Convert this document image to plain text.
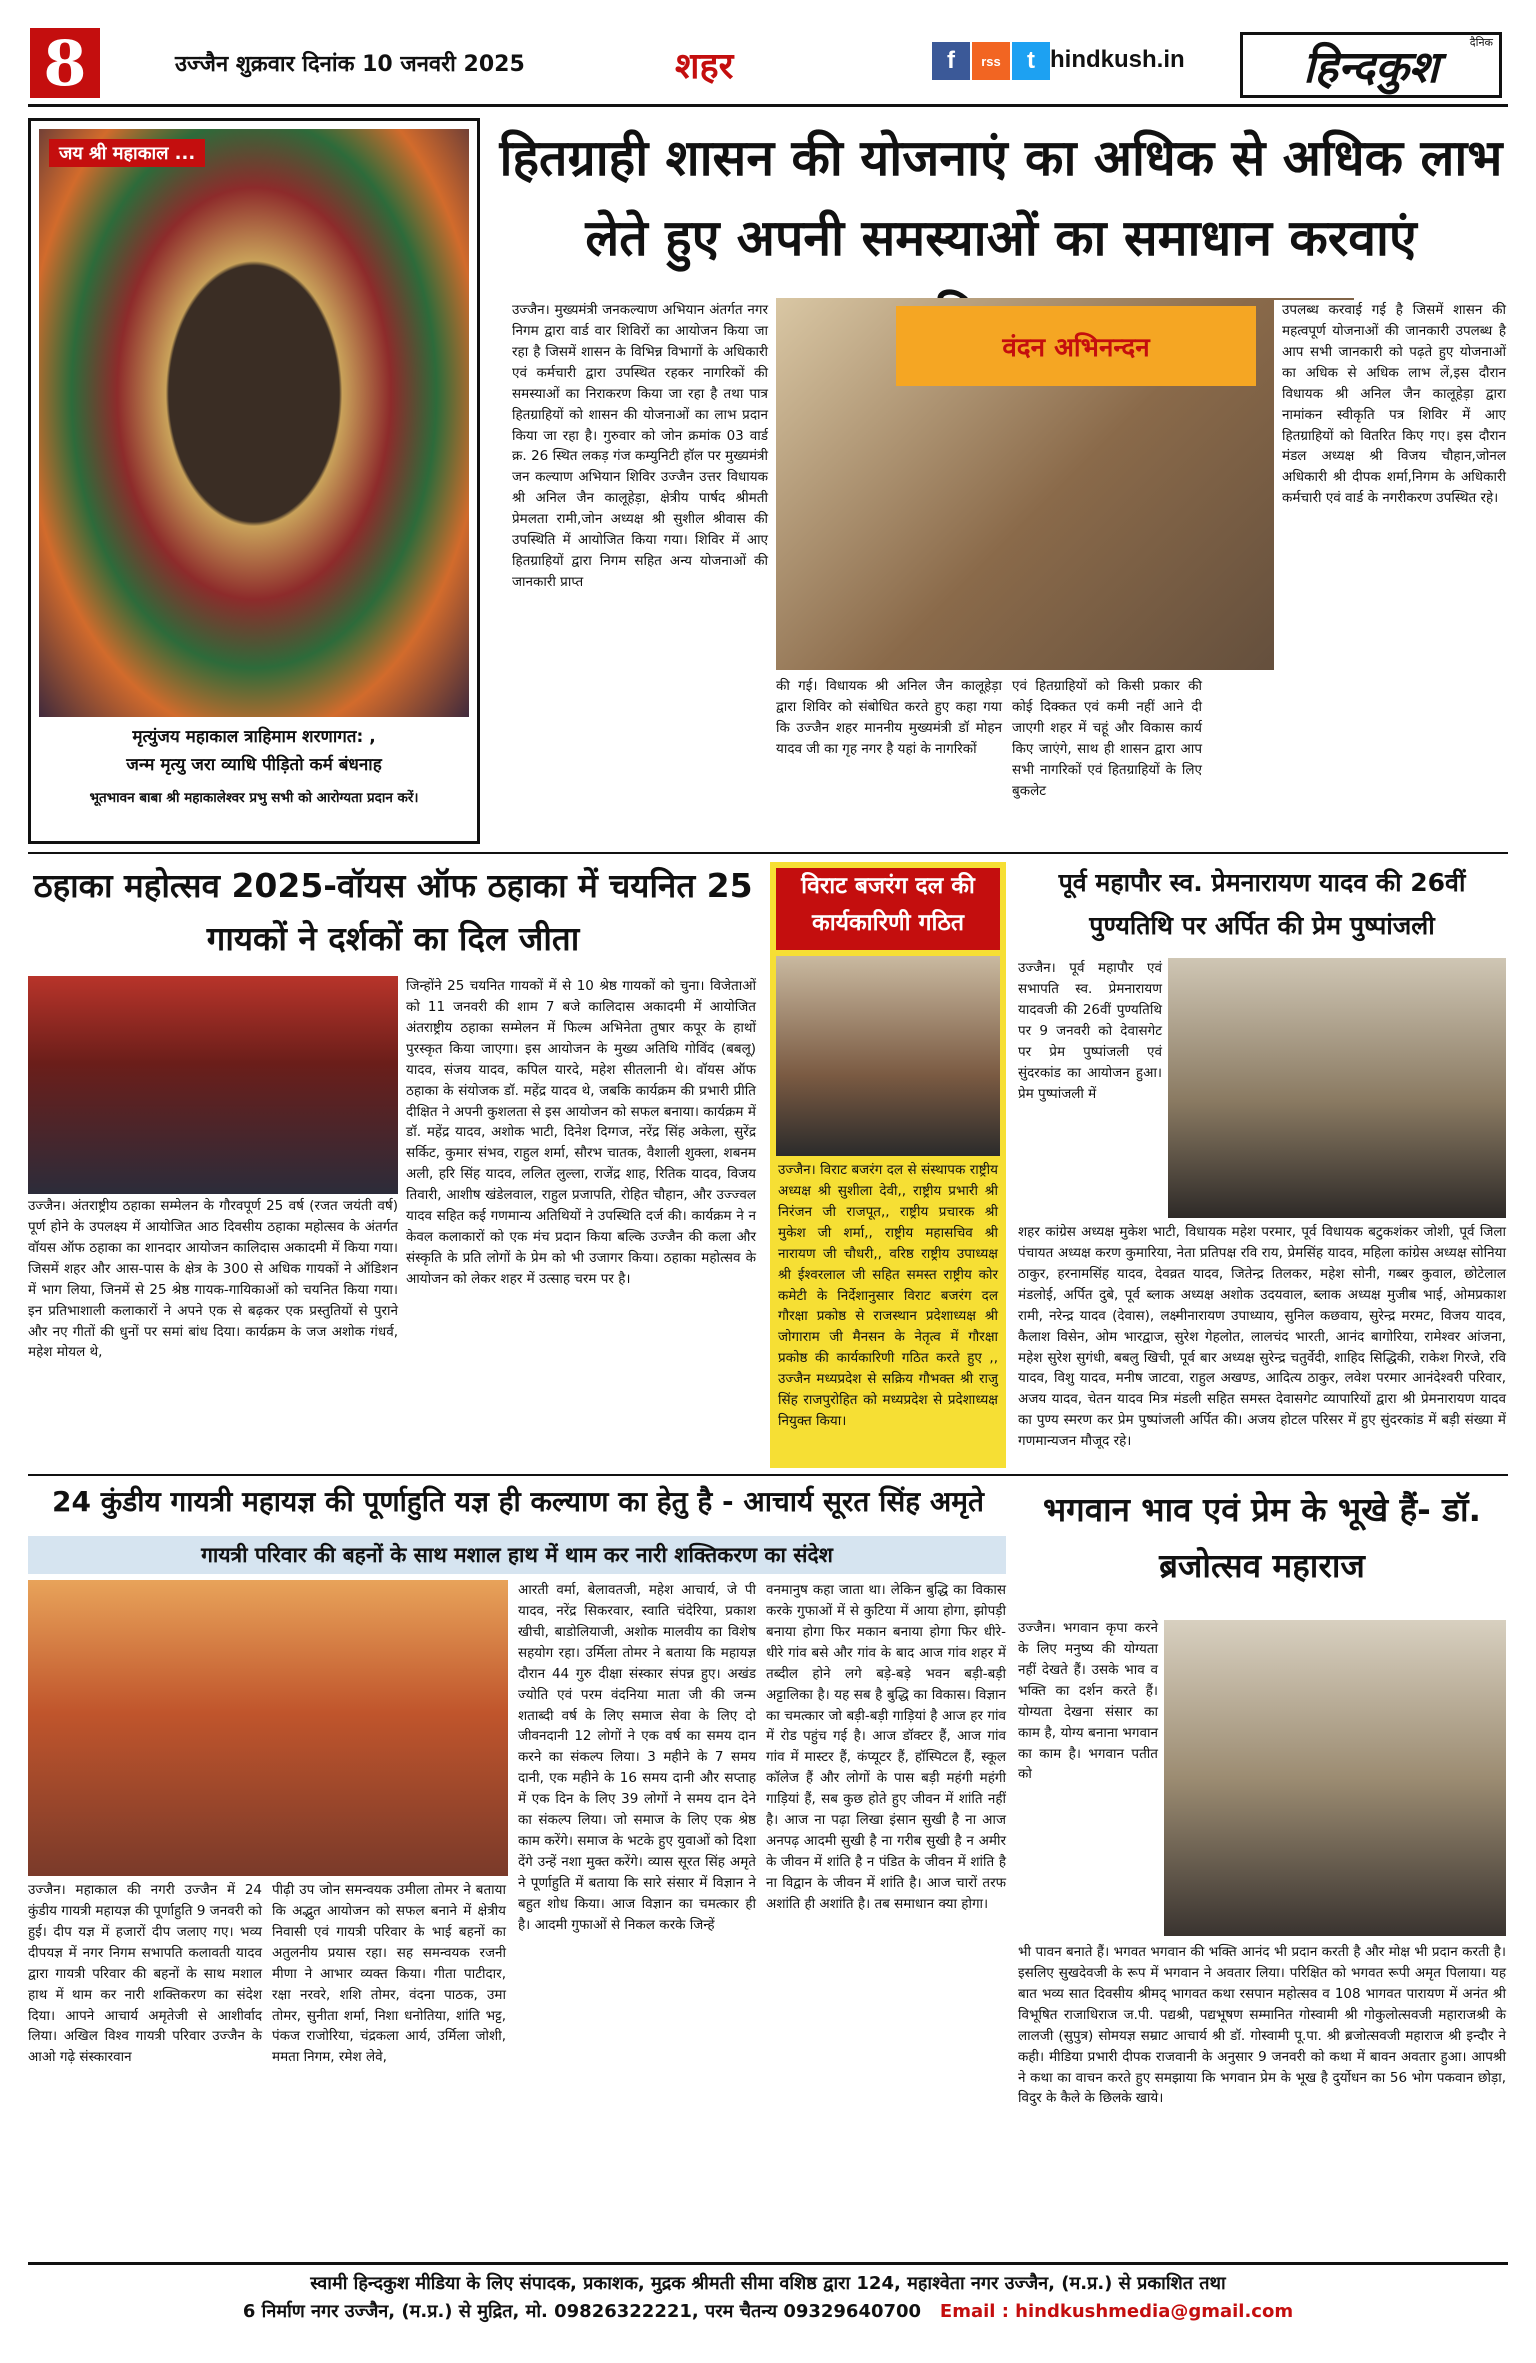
8	उज्जैन शुक्रवार दिनांक 10 जनवरी 2025	शहर	f	rss	t hindkush.in	हिन्दकुश	दैनिक
जय श्री महाकाल ...
मृत्युंजय महाकाल त्राहिमाम शरणागत: ,
जन्म मृत्यु जरा व्याधि पीड़ितो कर्म बंधनाह
भूतभावन बाबा श्री महाकालेश्वर प्रभु सभी को आरोग्यता प्रदान करें।
हितग्राही शासन की योजनाएं का अधिक से अधिक लाभ लेते हुए अपनी समस्याओं का समाधान करवाएं
उज्जैन। मुख्यमंत्री जनकल्याण अभियान अंतर्गत नगर निगम द्वारा वार्ड वार शिविरों का आयोजन किया जा रहा है जिसमें शासन के विभिन्न विभागों के अधिकारी एवं कर्मचारी द्वारा उपस्थित रहकर नागरिकों की समस्याओं का निराकरण किया जा रहा है तथा पात्र हितग्राहियों को शासन की योजनाओं का लाभ प्रदान किया जा रहा है। गुरुवार को जोन क्रमांक 03 वार्ड क्र. 26 स्थित लकड़ गंज कम्युनिटी हॉल पर मुख्यमंत्री जन कल्याण अभियान शिविर उज्जैन उत्तर विधायक श्री अनिल जैन कालूहेड़ा, क्षेत्रीय पार्षद श्रीमती प्रेमलता रामी,जोन अध्यक्ष श्री सुशील श्रीवास की उपस्थिति में आयोजित किया गया। शिविर में आए हितग्राहियों द्वारा निगम सहित अन्य योजनाओं की जानकारी प्राप्त
वंदन अभिनन्दन
की गई। विधायक श्री अनिल जैन कालूहेड़ा द्वारा शिविर को संबोधित करते हुए कहा गया कि उज्जैन शहर माननीय मुख्यमंत्री डॉ मोहन यादव जी का गृह नगर है यहां के नागरिकों
एवं हितग्राहियों को किसी प्रकार की कोई दिक्कत एवं कमी नहीं आने दी जाएगी शहर में चहूं और विकास कार्य किए जाएंगे, साथ ही शासन द्वारा आप सभी नागरिकों एवं हितग्राहियों के लिए बुकलेट
उपलब्ध करवाई गई है जिसमें शासन की महत्वपूर्ण योजनाओं की जानकारी उपलब्ध है आप सभी जानकारी को पढ़ते हुए योजनाओं का अधिक से अधिक लाभ लें,इस दौरान विधायक श्री अनिल जैन कालूहेड़ा द्वारा नामांकन स्वीकृति पत्र शिविर में आए हितग्राहियों को वितरित किए गए। इस दौरान मंडल अध्यक्ष श्री विजय चौहान,जोनल अधिकारी श्री दीपक शर्मा,निगम के अधिकारी कर्मचारी एवं वार्ड के नगरीकरण उपस्थित रहे।
ठहाका महोत्सव 2025-वॉयस ऑफ ठहाका में चयनित 25 गायकों ने दर्शकों का दिल जीता
उज्जैन। अंतराष्ट्रीय ठहाका सम्मेलन के गौरवपूर्ण 25 वर्ष (रजत जयंती वर्ष) पूर्ण होने के उपलक्ष्य में आयोजित आठ दिवसीय ठहाका महोत्सव के अंतर्गत वॉयस ऑफ ठहाका का शानदार आयोजन कालिदास अकादमी में किया गया। जिसमें शहर और आस-पास के क्षेत्र के 300 से अधिक गायकों ने ऑडिशन में भाग लिया, जिनमें से 25 श्रेष्ठ गायक-गायिकाओं को चयनित किया गया। इन प्रतिभाशाली कलाकारों ने अपने एक से बढ़कर एक प्रस्तुतियों से पुराने और नए गीतों की धुनों पर समां बांध दिया। कार्यक्रम के जज अशोक गंधर्व, महेश मोयल थे,
जिन्होंने 25 चयनित गायकों में से 10 श्रेष्ठ गायकों को चुना। विजेताओं को 11 जनवरी की शाम 7 बजे कालिदास अकादमी में आयोजित अंतराष्ट्रीय ठहाका सम्मेलन में फिल्म अभिनेता तुषार कपूर के हाथों पुरस्कृत किया जाएगा। इस आयोजन के मुख्य अतिथि गोविंद (बबलू) यादव, संजय यादव, कपिल यारदे, महेश सीतलानी थे। वॉयस ऑफ ठहाका के संयोजक डॉ. महेंद्र यादव थे, जबकि कार्यक्रम की प्रभारी प्रीति दीक्षित ने अपनी कुशलता से इस आयोजन को सफल बनाया। कार्यक्रम में डॉ. महेंद्र यादव, अशोक भाटी, दिनेश दिग्गज, नरेंद्र सिंह अकेला, सुरेंद्र सर्किट, कुमार संभव, राहुल शर्मा, सौरभ चातक, वैशाली शुक्ला, शबनम अली, हरि सिंह यादव, ललित लुल्ला, राजेंद्र शाह, रितिक यादव, विजय तिवारी, आशीष खंडेलवाल, राहुल प्रजापति, रोहित चौहान, और उज्ज्वल यादव सहित कई गणमान्य अतिथियों ने उपस्थिति दर्ज की। कार्यक्रम ने न केवल कलाकारों को एक मंच प्रदान किया बल्कि उज्जैन की कला और संस्कृति के प्रति लोगों के प्रेम को भी उजागर किया। ठहाका महोत्सव के आयोजन को लेकर शहर में उत्साह चरम पर है।
विराट बजरंग दल की कार्यकारिणी गठित
उज्जैन। विराट बजरंग दल से संस्थापक राष्ट्रीय अध्यक्ष श्री सुशीला देवी,, राष्ट्रीय प्रभारी श्री निरंजन जी राजपूत,, राष्ट्रीय प्रचारक श्री मुकेश जी शर्मा,, राष्ट्रीय महासचिव श्री नारायण जी चौधरी,, वरिष्ठ राष्ट्रीय उपाध्यक्ष श्री ईश्वरलाल जी सहित समस्त राष्ट्रीय कोर कमेटी के निर्देशानुसार विराट बजरंग दल गौरक्षा प्रकोष्ठ से राजस्थान प्रदेशाध्यक्ष श्री जोगाराम जी मैनसन के नेतृत्व में गौरक्षा प्रकोष्ठ की कार्यकारिणी गठित करते हुए ,, उज्जैन मध्यप्रदेश से सक्रिय गौभक्त श्री राजु सिंह राजपुरोहित को मध्यप्रदेश से प्रदेशाध्यक्ष नियुक्त किया।
पूर्व महापौर स्व. प्रेमनारायण यादव की 26वीं पुण्यतिथि पर अर्पित की प्रेम पुष्पांजली
उज्जैन। पूर्व महापौर एवं सभापति स्व. प्रेमनारायण यादवजी की 26वीं पुण्यतिथि पर 9 जनवरी को देवासगेट पर प्रेम पुष्पांजली एवं सुंदरकांड का आयोजन हुआ। प्रेम पुष्पांजली में
शहर कांग्रेस अध्यक्ष मुकेश भाटी, विधायक महेश परमार, पूर्व विधायक बटुकशंकर जोशी, पूर्व जिला पंचायत अध्यक्ष करण कुमारिया, नेता प्रतिपक्ष रवि राय, प्रेमसिंह यादव, महिला कांग्रेस अध्यक्ष सोनिया ठाकुर, हरनामसिंह यादव, देवव्रत यादव, जितेन्द्र तिलकर, महेश सोनी, गब्बर कुवाल, छोटेलाल मंडलोई, अर्पित दुबे, पूर्व ब्लाक अध्यक्ष अशोक उदयवाल, ब्लाक अध्यक्ष मुजीब भाई, ओमप्रकाश रामी, नरेन्द्र यादव (देवास), लक्ष्मीनारायण उपाध्याय, सुनिल कछवाय, सुरेन्द्र मरमट, विजय यादव, कैलाश विसेन, ओम भारद्वाज, सुरेश गेहलोत, लालचंद भारती, आनंद बागोरिया, रामेश्वर आंजना, महेश सुरेश सुगंधी, बबलु खिची, पूर्व बार अध्यक्ष सुरेन्द्र चतुर्वेदी, शाहिद सिद्धिकी, राकेश गिरजे, रवि यादव, विशु यादव, मनीष जाटवा, राहुल अखण्ड, आदित्य ठाकुर, लवेश परमार आनंदेश्वरी परिवार, अजय यादव, चेतन यादव मित्र मंडली सहित समस्त देवासगेट व्यापारियों द्वारा श्री प्रेमनारायण यादव का पुण्य स्मरण कर प्रेम पुष्पांजली अर्पित की। अजय होटल परिसर में हुए सुंदरकांड में बड़ी संख्या में गणमान्यजन मौजूद रहे।
24 कुंडीय गायत्री महायज्ञ की पूर्णाहुति यज्ञ ही कल्याण का हेतु है - आचार्य सूरत सिंह अमृते
गायत्री परिवार की बहनों के साथ मशाल हाथ में थाम कर नारी शक्तिकरण का संदेश
उज्जैन। महाकाल की नगरी उज्जैन में 24 कुंडीय गायत्री महायज्ञ की पूर्णाहुति 9 जनवरी को हुई। दीप यज्ञ में हजारों दीप जलाए गए। भव्य दीपयज्ञ में नगर निगम सभापति कलावती यादव द्वारा गायत्री परिवार की बहनों के साथ मशाल हाथ में थाम कर नारी शक्तिकरण का संदेश दिया। आपने आचार्य अमृतेजी से आशीर्वाद लिया। अखिल विश्व गायत्री परिवार उज्जैन के आओ गढ़े संस्कारवान
पीढ़ी उप जोन समन्वयक उमीला तोमर ने बताया कि अद्भुत आयोजन को सफल बनाने में क्षेत्रीय निवासी एवं गायत्री परिवार के भाई बहनों का अतुलनीय प्रयास रहा। सह समन्वयक रजनी मीणा ने आभार व्यक्त किया। गीता पाटीदार, रक्षा नरवरे, शशि तोमर, वंदना पाठक, उमा तोमर, सुनीता शर्मा, निशा धनोतिया, शांति भट्ट, पंकज राजोरिया, चंद्रकला आर्य, उर्मिला जोशी, ममता निगम, रमेश लेवे,
आरती वर्मा, बेलावतजी, महेश आचार्य, जे पी यादव, नरेंद्र सिकरवार, स्वाति चंदेरिया, प्रकाश खीची, बाडोलियाजी, अशोक मालवीय का विशेष सहयोग रहा। उर्मिला तोमर ने बताया कि महायज्ञ दौरान 44 गुरु दीक्षा संस्कार संपन्न हुए। अखंड ज्योति एवं परम वंदनिया माता जी की जन्म शताब्दी वर्ष के लिए समाज सेवा के लिए दो जीवनदानी 12 लोगों ने एक वर्ष का समय दान करने का संकल्प लिया। 3 महीने के 7 समय दानी, एक महीने के 16 समय दानी और सप्ताह में एक दिन के लिए 39 लोगों ने समय दान देने का संकल्प लिया। जो समाज के लिए एक श्रेष्ठ काम करेंगे। समाज के भटके हुए युवाओं को दिशा देंगे उन्हें नशा मुक्त करेंगे। व्यास सूरत सिंह अमृते ने पूर्णाहुति में बताया कि सारे संसार में विज्ञान ने बहुत शोध किया। आज विज्ञान का चमत्कार ही है। आदमी गुफाओं से निकल करके जिन्हें
वनमानुष कहा जाता था। लेकिन बुद्धि का विकास करके गुफाओं में से कुटिया में आया होगा, झोपड़ी बनाया होगा फिर मकान बनाया होगा फिर धीरे-धीरे गांव बसे और गांव के बाद आज गांव शहर में तब्दील होने लगे बड़े-बड़े भवन बड़ी-बड़ी अट्टालिका है। यह सब है बुद्धि का विकास। विज्ञान का चमत्कार जो बड़ी-बड़ी गाड़ियां है आज हर गांव में रोड पहुंच गई है। आज डॉक्टर हैं, आज गांव गांव में मास्टर हैं, कंप्यूटर हैं, हॉस्पिटल हैं, स्कूल कॉलेज हैं और लोगों के पास बड़ी महंगी महंगी गाड़ियां हैं, सब कुछ होते हुए जीवन में शांति नहीं है। आज ना पढ़ा लिखा इंसान सुखी है ना आज अनपढ़ आदमी सुखी है ना गरीब सुखी है न अमीर के जीवन में शांति है न पंडित के जीवन में शांति है ना विद्वान के जीवन में शांति है। आज चारों तरफ अशांति ही अशांति है। तब समाधान क्या होगा।
भगवान भाव एवं प्रेम के भूखे हैं- डॉ. ब्रजोत्सव महाराज
उज्जैन। भगवान कृपा करने के लिए मनुष्य की योग्यता नहीं देखते हैं। उसके भाव व भक्ति का दर्शन करते हैं। योग्यता देखना संसार का काम है, योग्य बनाना भगवान का काम है। भगवान पतीत को
भी पावन बनाते हैं। भगवत भगवान की भक्ति आनंद भी प्रदान करती है और मोक्ष भी प्रदान करती है। इसलिए सुखदेवजी के रूप में भगवान ने अवतार लिया। परिक्षित को भगवत रूपी अमृत पिलाया। यह बात भव्य सात दिवसीय श्रीमद् भागवत कथा रसपान महोत्सव व 108 भागवत पारायण में अनंत श्री विभूषित राजाधिराज ज.पी. पद्यश्री, पद्यभूषण सम्मानित गोस्वामी श्री गोकुलोत्सवजी महाराजश्री के लालजी (सुपुत्र) सोमयज्ञ सम्राट आचार्य श्री डॉ. गोस्वामी पू.पा. श्री ब्रजोत्सवजी महाराज श्री इन्दौर ने कही। मीडिया प्रभारी दीपक राजवानी के अनुसार 9 जनवरी को कथा में बावन अवतार हुआ। आपश्री ने कथा का वाचन करते हुए समझाया कि भगवान प्रेम के भूख है दुर्योधन का 56 भोग पकवान छोड़ा, विदुर के कैले के छिलके खाये।
स्वामी हिन्दकुश मीडिया के लिए संपादक, प्रकाशक, मुद्रक श्रीमती सीमा वशिष्ठ द्वारा 124, महाश्वेता नगर उज्जैन, (म.प्र.) से प्रकाशित तथा
6 निर्माण नगर उज्जैन, (म.प्र.) से मुद्रित, मो. 09826322221, परम चैतन्य 09329640700 Email : hindkushmedia@gmail.com
